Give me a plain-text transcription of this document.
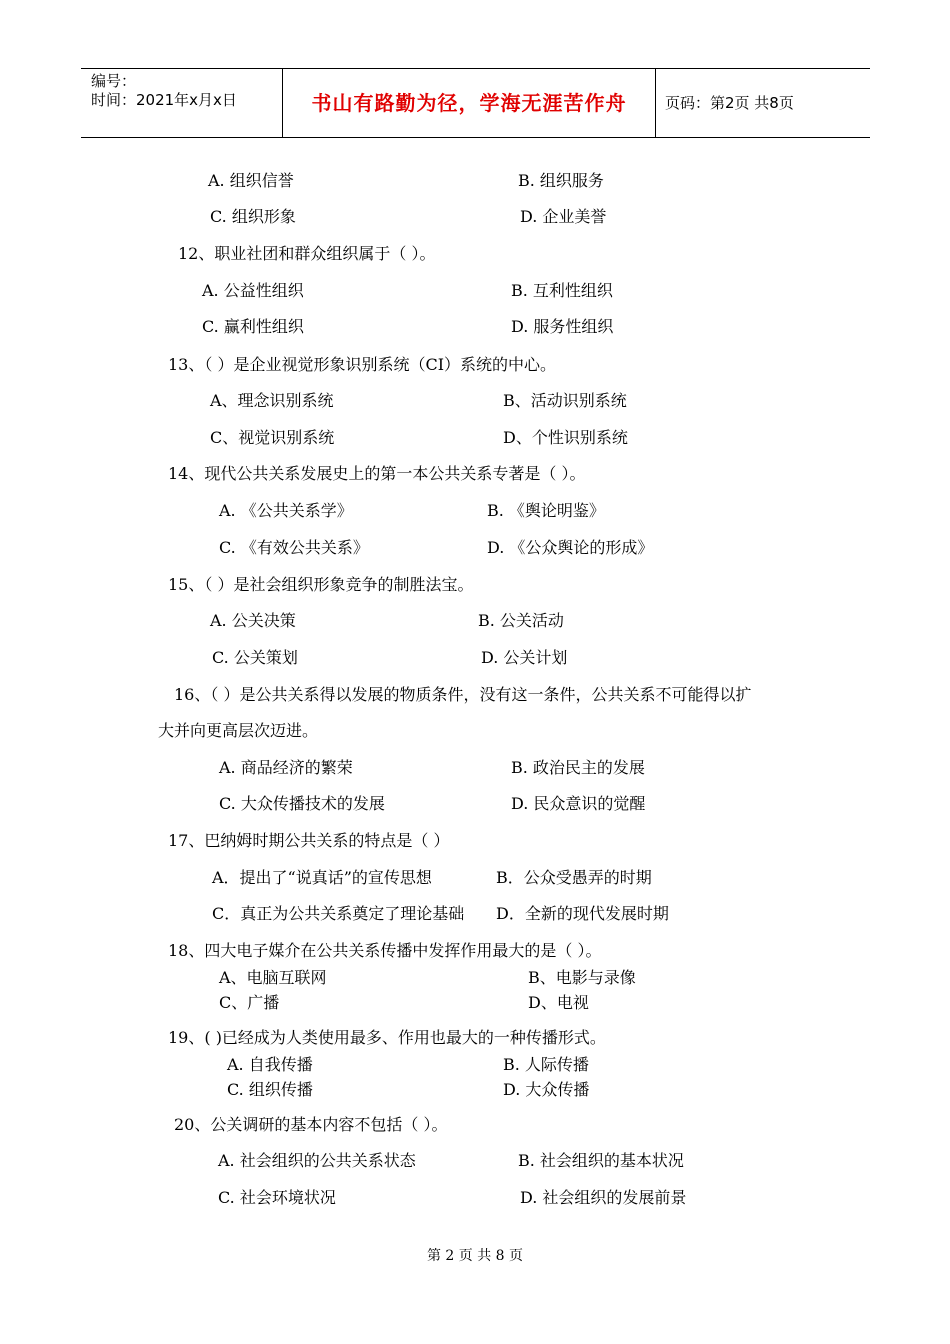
编号：
时间：2021年x月x日	书山有路勤为径，学海无涯苦作舟	页码：第2页 共8页
A. 组织信誉	B. 组织服务
C. 组织形象	D. 企业美誉
12、职业社团和群众组织属于（ ）。
A. 公益性组织	B. 互利性组织
C. 赢利性组织	D. 服务性组织
13、（ ）是企业视觉形象识别系统（CI）系统的中心。
A、理念识别系统	B、活动识别系统
C、视觉识别系统	D、个性识别系统
14、现代公共关系发展史上的第一本公共关系专著是（ ）。
A. 《公共关系学》	B. 《舆论明鉴》
C. 《有效公共关系》	D. 《公众舆论的形成》
15、（ ）是社会组织形象竞争的制胜法宝。
A. 公关决策	B. 公关活动
C. 公关策划	D. 公关计划
16、（ ）是公共关系得以发展的物质条件，没有这一条件，公共关系不可能得以扩
大并向更高层次迈进。
A. 商品经济的繁荣	B. 政治民主的发展
C. 大众传播技术的发展	D. 民众意识的觉醒
17、巴纳姆时期公共关系的特点是（ ）
A．提出了“说真话”的宣传思想	B．公众受愚弄的时期
C．真正为公共关系奠定了理论基础 D．全新的现代发展时期
18、四大电子媒介在公共关系传播中发挥作用最大的是（ ）。
A、电脑互联网	B、电影与录像
C、广播	D、电视
19、( )已经成为人类使用最多、作用也最大的一种传播形式。
A. 自我传播	B. 人际传播
C. 组织传播	D. 大众传播
20、公关调研的基本内容不包括（ ）。
A. 社会组织的公共关系状态	B. 社会组织的基本状况
C. 社会环境状况	D. 社会组织的发展前景
第 2 页 共 8 页
